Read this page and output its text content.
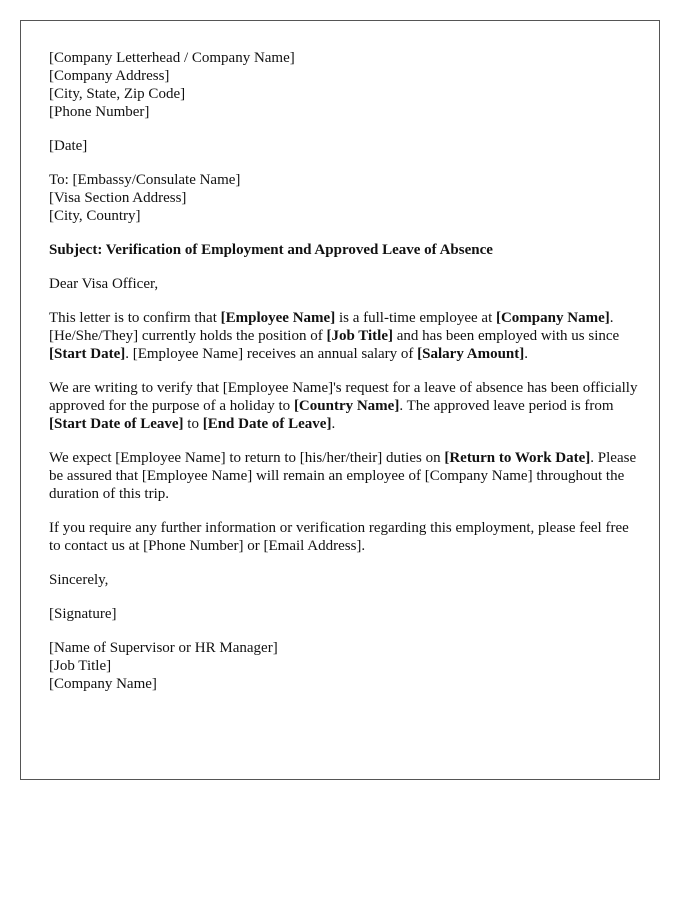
[Company Letterhead / Company Name]
[Company Address]
[City, State, Zip Code]
[Phone Number]
[Date]
To: [Embassy/Consulate Name]
[Visa Section Address]
[City, Country]
Subject: Verification of Employment and Approved Leave of Absence
Dear Visa Officer,

This letter is to confirm that [Employee Name] is a full-time employee at [Company Name]. [He/She/They] currently holds the position of [Job Title] and has been employed with us since [Start Date]. [Employee Name] receives an annual salary of [Salary Amount].

We are writing to verify that [Employee Name]'s request for a leave of absence has been officially approved for the purpose of a holiday to [Country Name]. The approved leave period is from [Start Date of Leave] to [End Date of Leave].

We expect [Employee Name] to return to [his/her/their] duties on [Return to Work Date]. Please be assured that [Employee Name] will remain an employee of [Company Name] throughout the duration of this trip.

If you require any further information or verification regarding this employment, please feel free to contact us at [Phone Number] or [Email Address].

Sincerely,
[Signature]
[Name of Supervisor or HR Manager]
[Job Title]
[Company Name]
